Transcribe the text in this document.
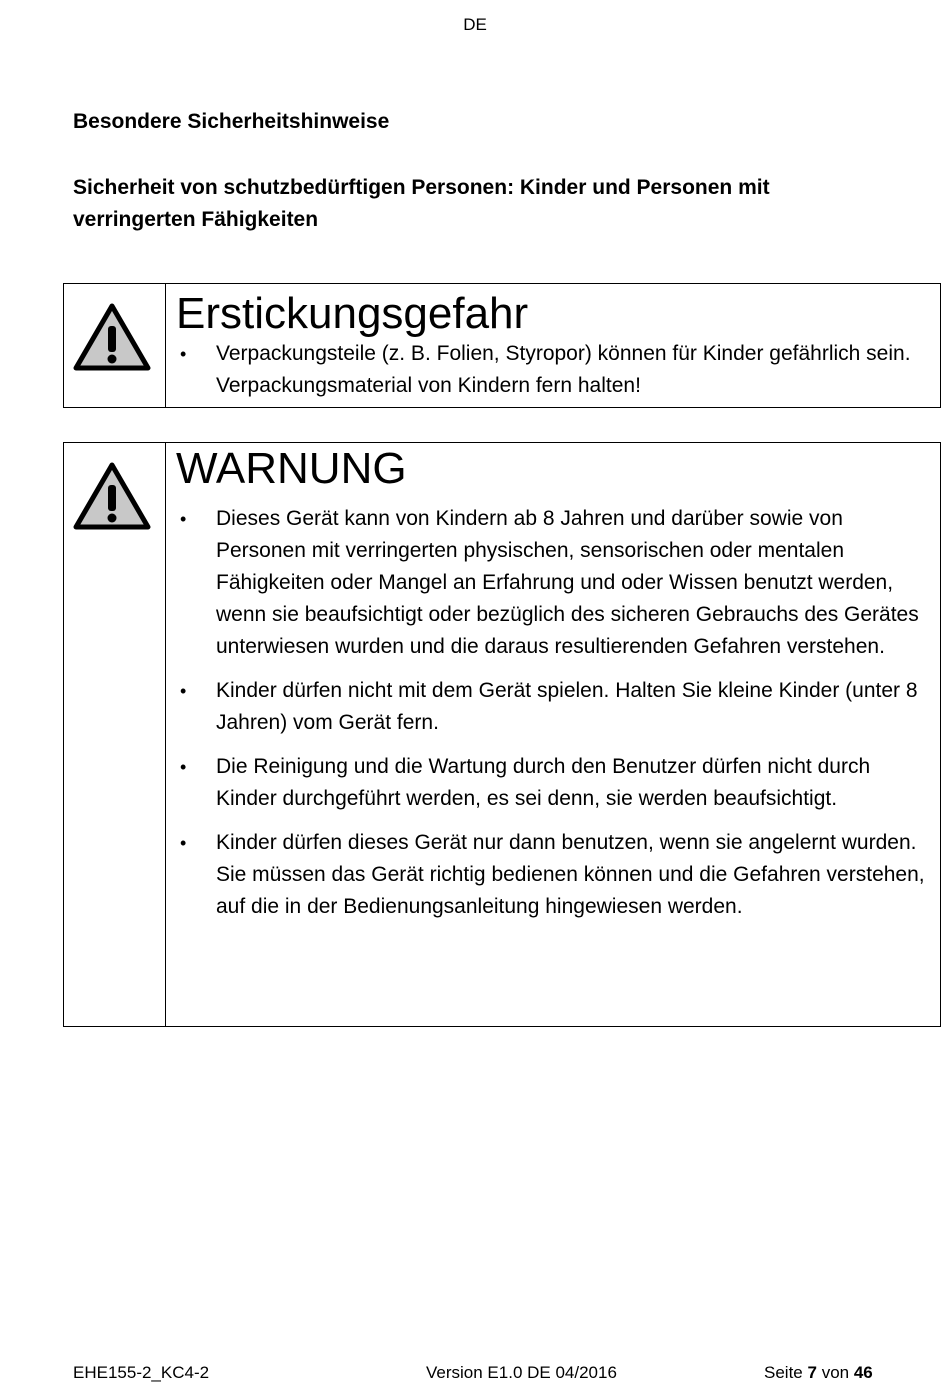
DE
Besondere Sicherheitshinweise
Sicherheit von schutzbedürftigen Personen: Kinder und Personen mit verringerten Fähigkeiten
Erstickungsgefahr
• Verpackungsteile (z. B. Folien, Styropor) können für Kinder gefährlich sein. Verpackungsmaterial von Kindern fern halten!
WARNUNG
• Dieses Gerät kann von Kindern ab 8 Jahren und darüber sowie von Personen mit verringerten physischen, sensorischen oder mentalen Fähigkeiten oder Mangel an Erfahrung und oder Wissen benutzt werden, wenn sie beaufsichtigt oder bezüglich des sicheren Gebrauchs des Gerätes unterwiesen wurden und die daraus resultierenden Gefahren verstehen.
• Kinder dürfen nicht mit dem Gerät spielen. Halten Sie kleine Kinder (unter 8 Jahren) vom Gerät fern.
• Die Reinigung und die Wartung durch den Benutzer dürfen nicht durch Kinder durchgeführt werden, es sei denn, sie werden beaufsichtigt.
• Kinder dürfen dieses Gerät nur dann benutzen, wenn sie angelernt wurden. Sie müssen das Gerät richtig bedienen können und die Gefahren verstehen, auf die in der Bedienungsanleitung hingewiesen werden.
EHE155-2_KC4-2	Version E1.0 DE 04/2016	Seite 7 von 46
